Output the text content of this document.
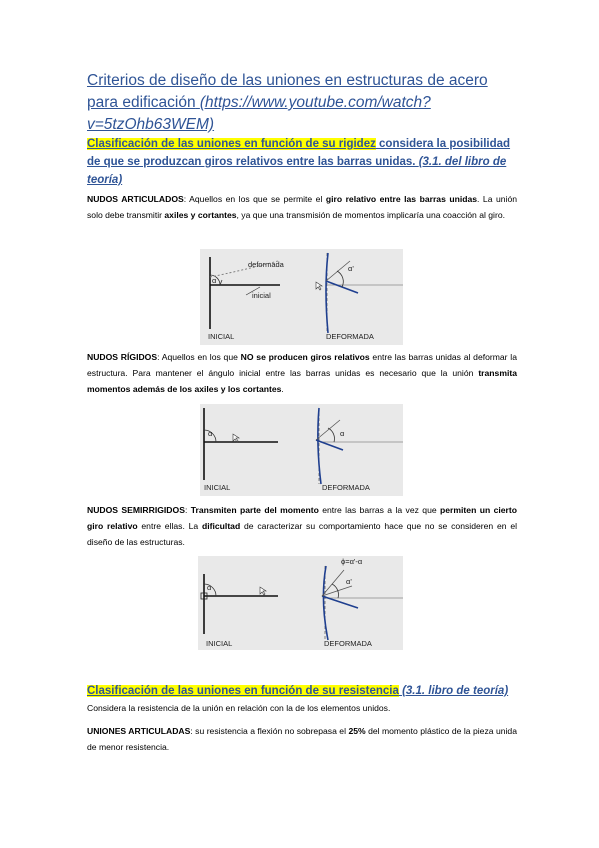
Criterios de diseño de las uniones en estructuras de acero para edificación (https://www.youtube.com/watch?v=5tzOhb63WEM)
Clasificación de las uniones en función de su rigidez considera la posibilidad de que se produzcan giros relativos entre las barras unidas. (3.1. del libro de teoría)

NUDOS ARTICULADOS: Aquellos en los que se permite el giro relativo entre las barras unidas. La unión solo debe transmitir axiles y cortantes, ya que una transmisión de momentos implicaría una coacción al giro.

α
deformada
inicial
α'
INICIAL	DEFORMADA

NUDOS RÍGIDOS: Aquellos en los que NO se producen giros relativos entre las barras unidas al deformar la estructura. Para mantener el ángulo inicial entre las barras unidas es necesario que la unión transmita momentos además de los axiles y los cortantes.

α	α
INICIAL	DEFORMADA

NUDOS SEMIRRIGIDOS: Transmiten parte del momento entre las barras a la vez que permiten un cierto giro relativo entre ellas. La dificultad de caracterizar su comportamiento hace que no se consideren en el diseño de las estructuras.

α
ϕ=α'-α
α'
INICIAL	DEFORMADA
Clasificación de las uniones en función de su resistencia (3.1. libro de teoría)

Considera la resistencia de la unión en relación con la de los elementos unidos.

UNIONES ARTICULADAS: su resistencia a flexión no sobrepasa el 25% del momento plástico de la pieza unida de menor resistencia.
